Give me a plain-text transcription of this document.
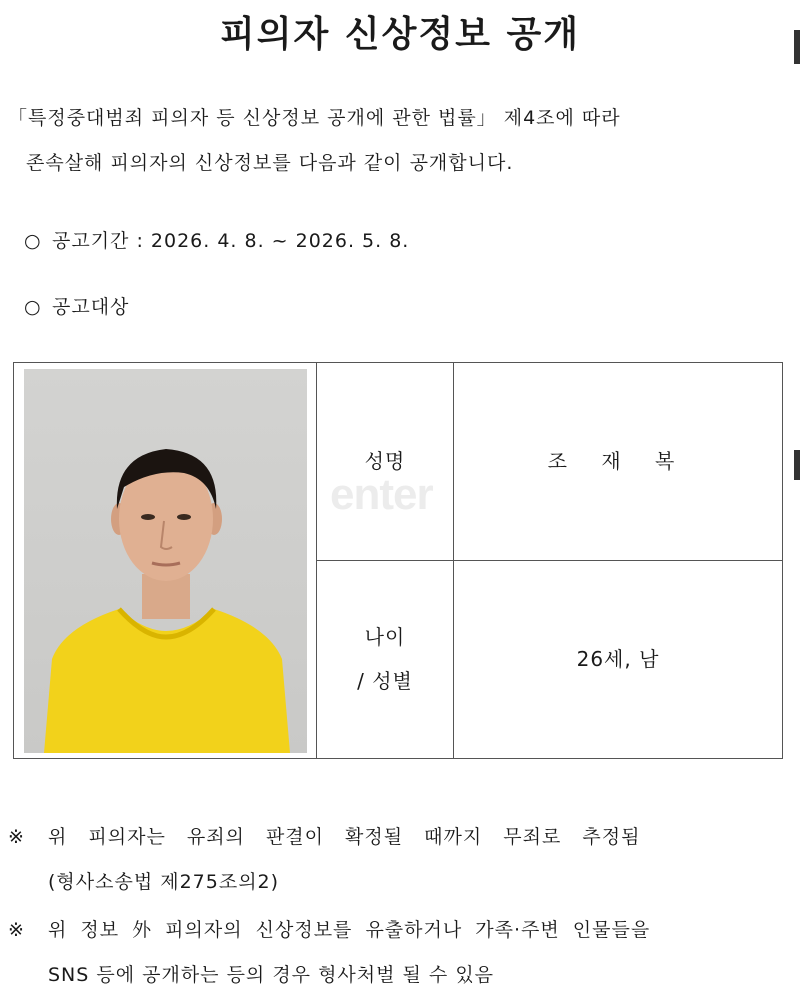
피의자 신상정보 공개
「특정중대범죄 피의자 등 신상정보 공개에 관한 법률」 제4조에 따라
존속살해 피의자의 신상정보를 다음과 같이 공개합니다.
○ 공고기간 : 2026. 4. 8. ~ 2026. 5. 8.
○ 공고대상
성명	조 재 복
나이
/ 성별
26세, 남
enter
※ 위 피의자는 유죄의 판결이 확정될 때까지 무죄로 추정됨
(형사소송법 제275조의2)
※ 위 정보 外 피의자의 신상정보를 유출하거나 가족·주변 인물들을
SNS 등에 공개하는 등의 경우 형사처벌 될 수 있음
